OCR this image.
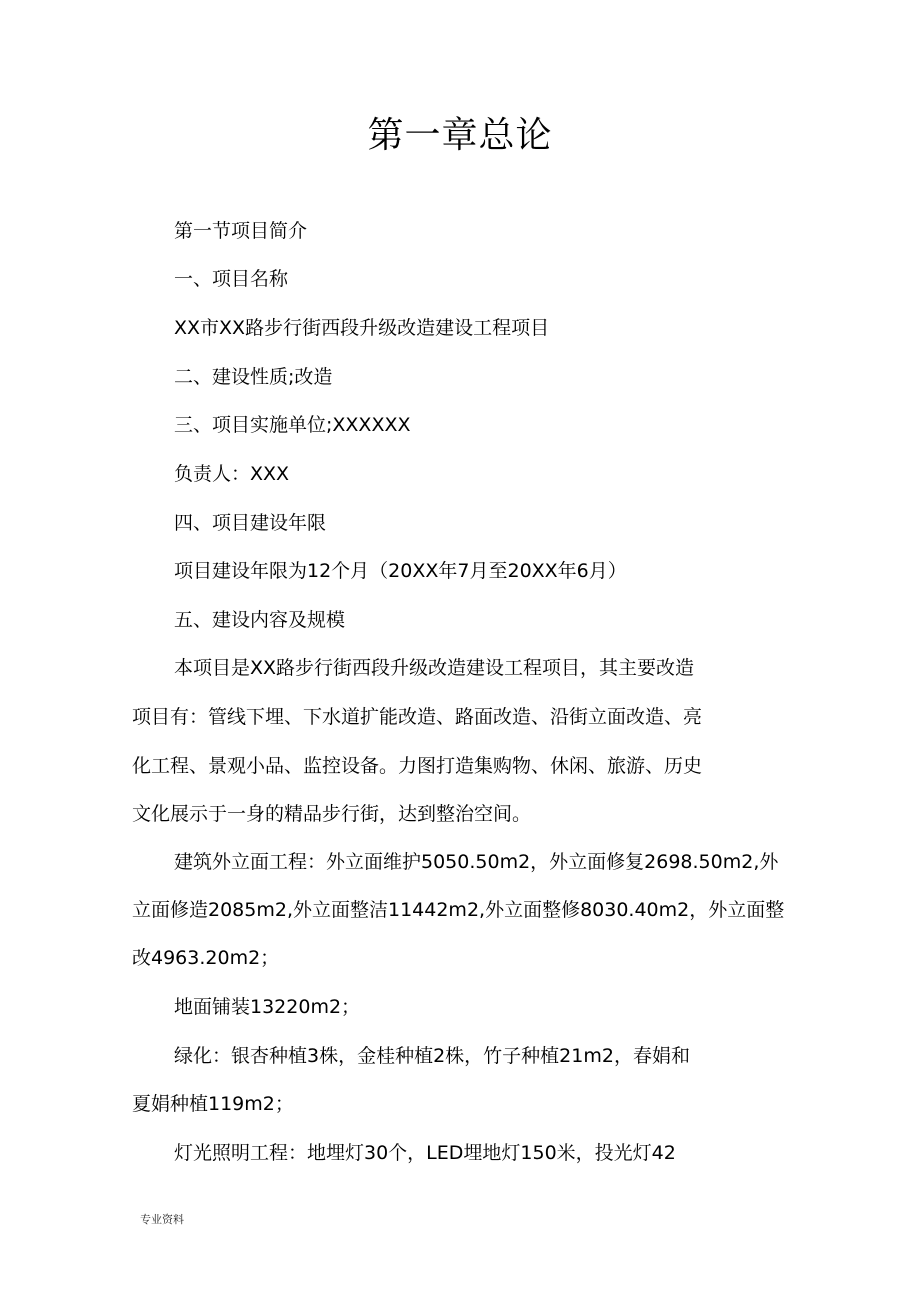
第一章总论
第一节项目简介
一、项目名称
XX市XX路步行街西段升级改造建设工程项目
二、建设性质;改造
三、项目实施单位;XXXXXX
负责人：XXX
四、项目建设年限
项目建设年限为12个月（20XX年7月至20XX年6月）
五、建设内容及规模
本项目是XX路步行街西段升级改造建设工程项目，其主要改造
项目有：管线下埋、下水道扩能改造、路面改造、沿街立面改造、亮
化工程、景观小品、监控设备。力图打造集购物、休闲、旅游、历史
文化展示于一身的精品步行街，达到整治空间。
建筑外立面工程：外立面维护5050.50m2，外立面修复2698.50m2,外
立面修造2085m2,外立面整洁11442m2,外立面整修8030.40m2，外立面整
改4963.20m2；
地面铺装13220m2；
绿化：银杏种植3株，金桂种植2株，竹子种植21m2，春娟和
夏娟种植119m2；
灯光照明工程：地埋灯30个，LED埋地灯150米，投光灯42
专业资料
